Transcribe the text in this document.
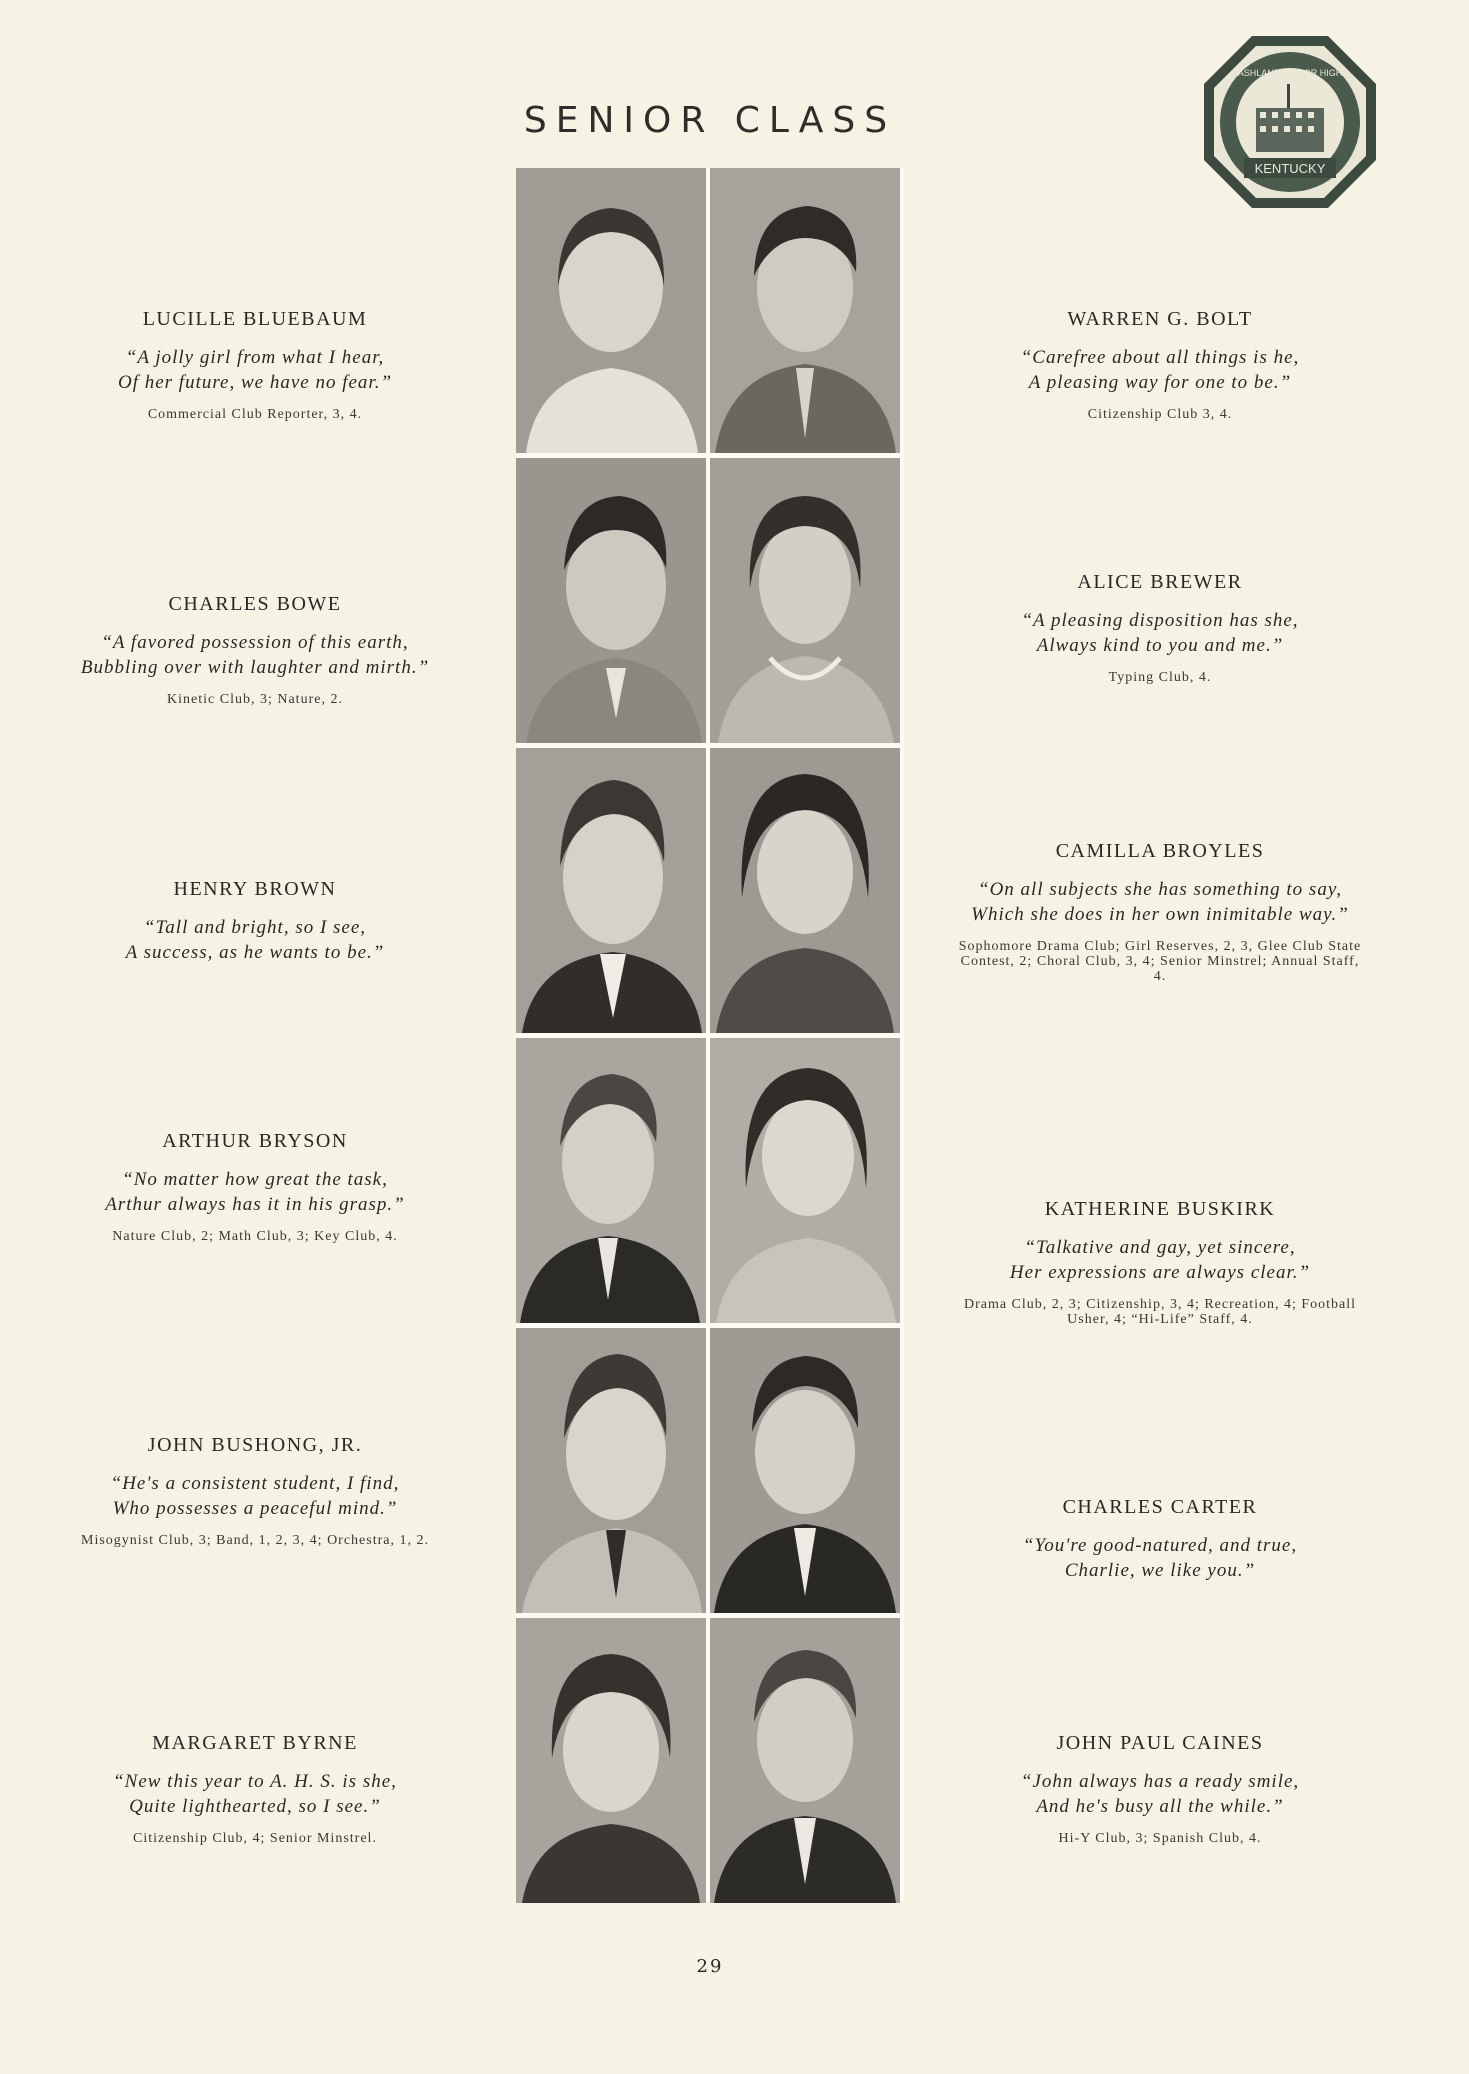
SENIOR CLASS
KENTUCKY
ASHLAND SENIOR HIGH
LUCILLE BLUEBAUM
“A jolly girl from what I hear,
Of her future, we have no fear.”
Commercial Club Reporter, 3, 4.
CHARLES BOWE
“A favored possession of this earth,
Bubbling over with laughter and mirth.”
Kinetic Club, 3; Nature, 2.
HENRY BROWN
“Tall and bright, so I see,
A success, as he wants to be.”
ARTHUR BRYSON
“No matter how great the task,
Arthur always has it in his grasp.”
Nature Club, 2; Math Club, 3; Key Club, 4.
JOHN BUSHONG, JR.
“He's a consistent student, I find,
Who possesses a peaceful mind.”
Misogynist Club, 3; Band, 1, 2, 3, 4; Orchestra, 1, 2.
MARGARET BYRNE
“New this year to A. H. S. is she,
Quite lighthearted, so I see.”
Citizenship Club, 4; Senior Minstrel.
WARREN G. BOLT
“Carefree about all things is he,
A pleasing way for one to be.”
Citizenship Club 3, 4.
ALICE BREWER
“A pleasing disposition has she,
Always kind to you and me.”
Typing Club, 4.
CAMILLA BROYLES
“On all subjects she has something to say,
Which she does in her own inimitable way.”
Sophomore Drama Club; Girl Reserves, 2, 3, Glee Club State Contest, 2; Choral Club, 3, 4; Senior Minstrel; Annual Staff, 4.
KATHERINE BUSKIRK
“Talkative and gay, yet sincere,
Her expressions are always clear.”
Drama Club, 2, 3; Citizenship, 3, 4; Recreation, 4; Football Usher, 4; “Hi-Life” Staff, 4.
CHARLES CARTER
“You're good-natured, and true,
Charlie, we like you.”
JOHN PAUL CAINES
“John always has a ready smile,
And he's busy all the while.”
Hi-Y Club, 3; Spanish Club, 4.
29
